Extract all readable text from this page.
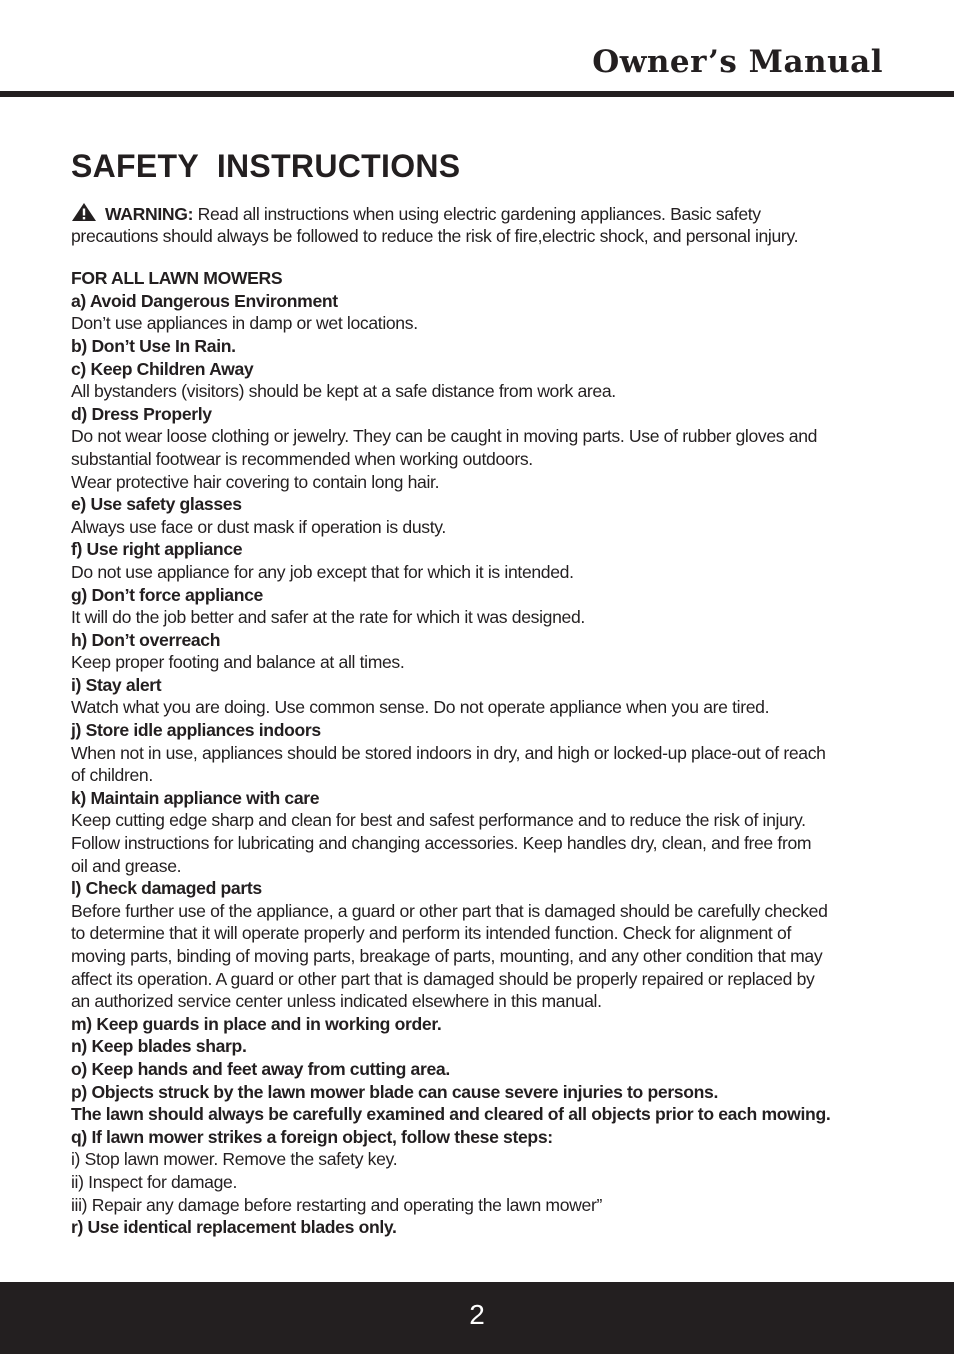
Owner’s Manual
SAFETY  INSTRUCTIONS
WARNING: Read all instructions when using electric gardening appliances. Basic safety
precautions should always be followed to reduce the risk of fire,electric shock, and personal injury.
FOR ALL LAWN MOWERS
a) Avoid Dangerous Environment
Don’t use appliances in damp or wet locations.
b) Don’t Use In Rain.
c) Keep Children Away
All bystanders (visitors) should be kept at a safe distance from work area.
d) Dress Properly
Do not wear loose clothing or jewelry. They can be caught in moving parts. Use of rubber gloves and
substantial footwear is recommended when working outdoors.
Wear protective hair covering to contain long hair.
e) Use safety glasses
Always use face or dust mask if operation is dusty.
f) Use right appliance
Do not use appliance for any job except that for which it is intended.
g) Don’t force appliance
It will do the job better and safer at the rate for which it was designed.
h) Don’t overreach
Keep proper footing and balance at all times.
i) Stay alert
Watch what you are doing. Use common sense. Do not operate appliance when you are tired.
j) Store idle appliances indoors
When not in use, appliances should be stored indoors in dry, and high or locked-up place-out of reach
of children.
k) Maintain appliance with care
Keep cutting edge sharp and clean for best and safest performance and to reduce the risk of injury.
Follow instructions for lubricating and changing accessories. Keep handles dry, clean, and free from
oil and grease.
l) Check damaged parts
Before further use of the appliance, a guard or other part that is damaged should be carefully checked
to determine that it will operate properly and perform its intended function. Check for alignment of
moving parts, binding of moving parts, breakage of parts, mounting, and any other condition that may
affect its operation. A guard or other part that is damaged should be properly repaired or replaced by
an authorized service center unless indicated elsewhere in this manual.
m) Keep guards in place and in working order.
n) Keep blades sharp.
o) Keep hands and feet away from cutting area.
p) Objects struck by the lawn mower blade can cause severe injuries to persons.
The lawn should always be carefully examined and cleared of all objects prior to each mowing.
q) If lawn mower strikes a foreign object, follow these steps:
i) Stop lawn mower. Remove the safety key.
ii) Inspect for damage.
iii) Repair any damage before restarting and operating the lawn mower”
r) Use identical replacement blades only.
2
